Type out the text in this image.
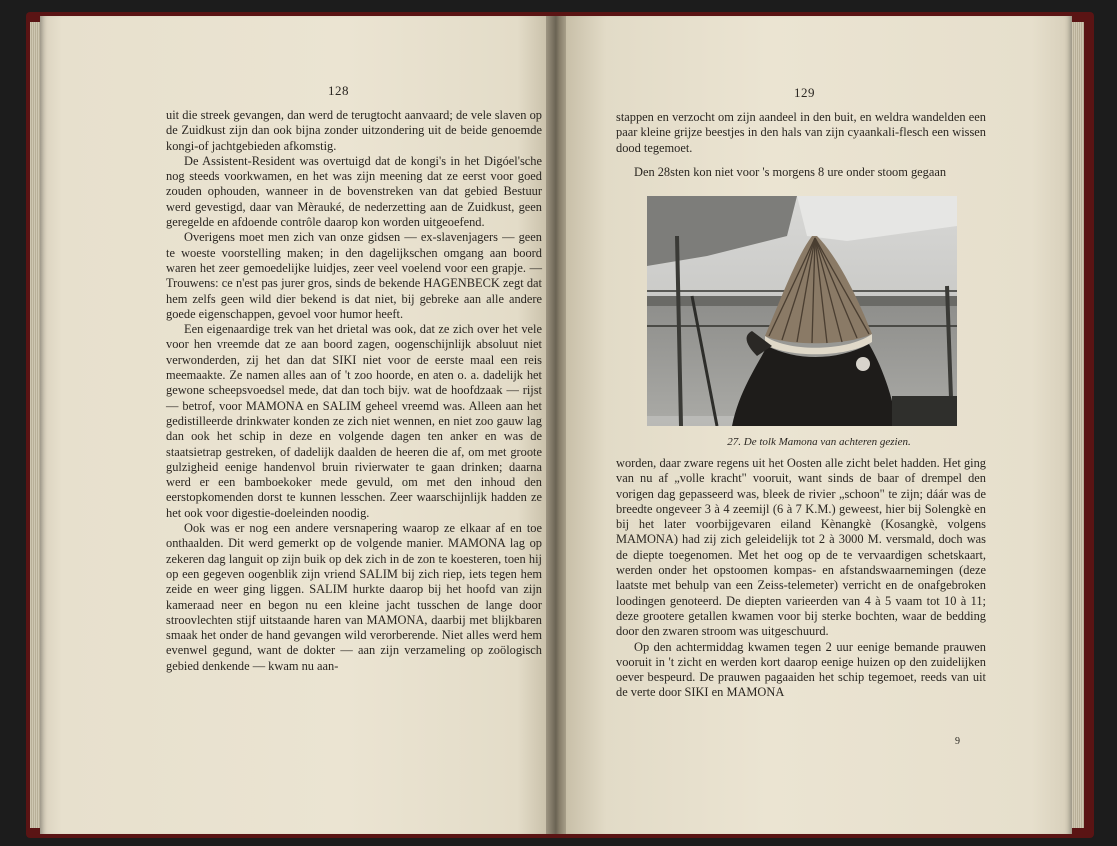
128

uit die streek gevangen, dan werd de terugtocht aanvaard; de vele slaven op de Zuidkust zijn dan ook bijna zonder uitzondering uit de beide genoemde kongi-of jachtgebieden afkomstig.

De Assistent-Resident was overtuigd dat de kongi's in het Digóel'sche nog steeds voorkwamen, en het was zijn meening dat ze eerst voor goed zouden ophouden, wanneer in de bovenstreken van dat gebied Bestuur werd gevestigd, daar van Mèrauké, de nederzetting aan de Zuidkust, geen geregelde en afdoende contrôle daarop kon worden uitgeoefend.

Overigens moet men zich van onze gidsen — ex-slavenjagers — geen te woeste voorstelling maken; in den dagelijkschen omgang aan boord waren het zeer gemoedelijke luidjes, zeer veel voelend voor een grapje. — Trouwens: ce n'est pas jurer gros, sinds de bekende HAGENBECK zegt dat hem zelfs geen wild dier bekend is dat niet, bij gebreke aan alle andere goede eigenschappen, gevoel voor humor heeft.

Een eigenaardige trek van het drietal was ook, dat ze zich over het vele voor hen vreemde dat ze aan boord zagen, oogenschijnlijk absoluut niet verwonderden, zij het dan dat SIKI niet voor de eerste maal een reis meemaakte. Ze namen alles aan of 't zoo hoorde, en aten o. a. dadelijk het gewone scheepsvoedsel mede, dat dan toch bijv. wat de hoofdzaak — rijst — betrof, voor MAMONA en SALIM geheel vreemd was. Alleen aan het gedistilleerde drinkwater konden ze zich niet wennen, en niet zoo gauw lag dan ook het schip in deze en volgende dagen ten anker en was de staatsietrap gestreken, of dadelijk daalden de heeren die af, om met groote gulzigheid eenige handenvol bruin rivierwater te gaan drinken; daarna werd er een bamboekoker mede gevuld, om met den inhoud den eerstopkomenden dorst te kunnen lesschen. Zeer waarschijnlijk hadden ze het ook voor digestie-doeleinden noodig.

Ook was er nog een andere versnapering waarop ze elkaar af en toe onthaalden. Dit werd gemerkt op de volgende manier. MAMONA lag op zekeren dag languit op zijn buik op dek zich in de zon te koesteren, toen hij op een gegeven oogenblik zijn vriend SALIM bij zich riep, iets tegen hem zeide en weer ging liggen. SALIM hurkte daarop bij het hoofd van zijn kameraad neer en begon nu een kleine jacht tusschen de lange door stroovlechten stijf uitstaande haren van MAMONA, daarbij met blijkbaren smaak het onder de hand gevangen wild verorberende. Niet alles werd hem evenwel gegund, want de dokter — aan zijn verzameling op zoölogisch gebied denkende — kwam nu aan-

129

stappen en verzocht om zijn aandeel in den buit, en weldra wandelden een paar kleine grijze beestjes in den hals van zijn cyaankali-flesch een wissen dood tegemoet.

Den 28sten kon niet voor 's morgens 8 ure onder stoom gegaan

27. De tolk Mamona van achteren gezien.

worden, daar zware regens uit het Oosten alle zicht belet hadden. Het ging van nu af „volle kracht" vooruit, want sinds de baar of drempel den vorigen dag gepasseerd was, bleek de rivier „schoon" te zijn; dáár was de breedte ongeveer 3 à 4 zeemijl (6 à 7 K.M.) geweest, hier bij Solengkè en bij het later voorbijgevaren eiland Kènangkè (Kosangkè, volgens MAMONA) had zij zich geleidelijk tot 2 à 3000 M. versmald, doch was de diepte toegenomen. Met het oog op de te vervaardigen schetskaart, werden onder het opstoomen kompas- en afstandswaarnemingen (deze laatste met behulp van een Zeiss-telemeter) verricht en de onafgebroken loodingen genoteerd. De diepten varieerden van 4 à 5 vaam tot 10 à 11; deze grootere getallen kwamen voor bij sterke bochten, waar de bedding door den zwaren stroom was uitgeschuurd.

Op den achtermiddag kwamen tegen 2 uur eenige bemande prauwen vooruit in 't zicht en werden kort daarop eenige huizen op den zuidelijken oever bespeurd. De prauwen pagaaiden het schip tegemoet, reeds van uit de verte door SIKI en MAMONA

9
